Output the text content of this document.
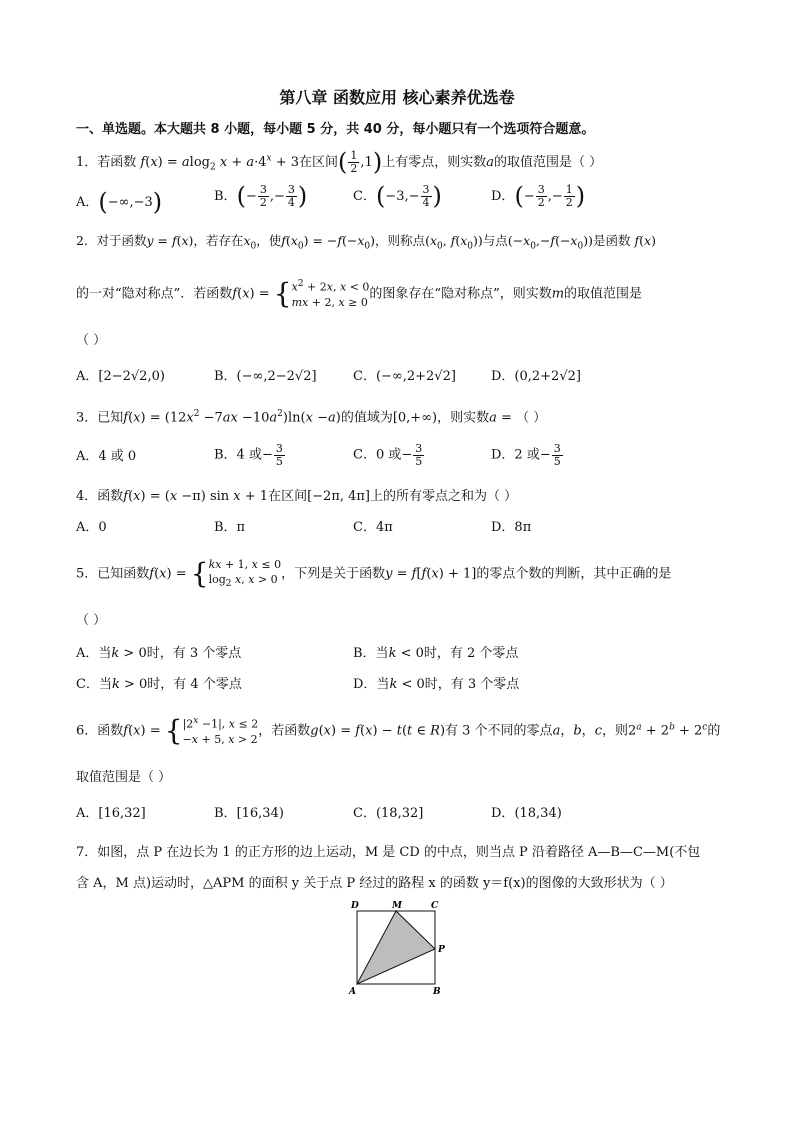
第八章 函数应用 核心素养优选卷
一、单选题。本大题共 8 小题，每小题 5 分，共 40 分，每小题只有一个选项符合题意。
1．若函数 f(x) = alog$_2$ $x + a\cdot 4^x + 3$在区间( $\frac{1}{2} ,1$)上有零点，则实数a的取值范围是（ ）
A．(−∞,−3)	B．(− $\frac{3}{2}$ ,− $\frac{3}{4}$ )	C．($-3,- \frac{3}{4}$ )	D．(− $\frac{3}{2}$ ,− $\frac{1}{2}$ )
2．对于函数y = f(x)，若存在$x_0$，使$f(x_0) = -f(-x_0)$，则称点($x_0$, $f(x_0)$)与点$(-x_0,-f(-x_0))$是函数 f(x)
的一对“隐对称点”．若函数f(x) = { $x^2 + 2x$, x < 0
mx + 2, x ≥ 0
的图象存在“隐对称点”，则实数m的取值范围是
（ ）
A．[2−2√2,0)	B．(−∞,2−2√2]	C．(−∞,2+2√2]	D．(0,2+2√2]
3．已知$f(x) = (12x^2 -7ax -10a^2)\ln(x -a)$的值域为[0,+∞)，则实数a = （ ）
A．4 或 0	B．4 或− $\frac{3}{5}$	C．0 或− $\frac{3}{5}$	D．2 或− $\frac{3}{5}$
4．函数f(x) = (x −π) sin x + 1在区间[−2π, 4π]上的所有零点之和为（ ）
A．0	B．π	C．4π	D．8π
5．已知函数f(x) = { kx + 1, x ≤ 0
$\log_2 x$, x > 0 ，下列是关于函数y = f[f(x) + 1]的零点个数的判断，其中正确的是
（ ）
A．当k > 0时，有 3 个零点	B．当k < 0时，有 2 个零点
C．当k > 0时，有 4 个零点	D．当k < 0时，有 3 个零点
6．函数f(x) = { $|2^x -1|$, x ≤ 2
−x + 5, x > 2
，若函数g(x) = f(x) − t(t ∈ R)有 3 个不同的零点a，b，c，则$2^a + 2^b + 2^c$的
取值范围是（ ）
A．[16,32]	B．[16,34)	C．(18,32]	D．(18,34)
7．如图，点 P 在边长为 1 的正方形的边上运动，M 是 CD 的中点，则当点 P 沿着路径 A—B—C—M(不包
含 A，M 点)运动时，△APM 的面积 y 关于点 P 经过的路程 x 的函数 y＝f(x)的图像的大致形状为（ ）
D	M	C
P
A	B
